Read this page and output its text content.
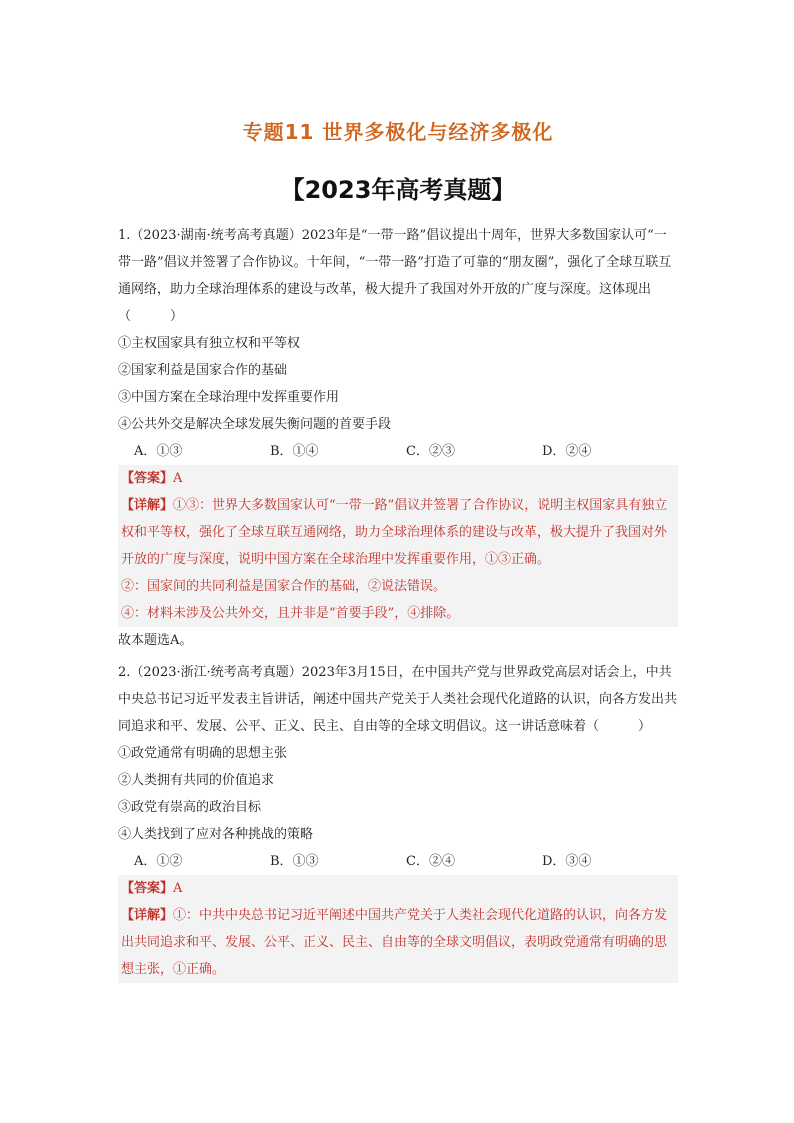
专题11 世界多极化与经济多极化
【2023年高考真题】
1.（2023·湖南·统考高考真题）2023年是“一带一路”倡议提出十周年，世界大多数国家认可“一带一路”倡议并签署了合作协议。十年间，“一带一路”打造了可靠的“朋友圈”，强化了全球互联互通网络，助力全球治理体系的建设与改革，极大提升了我国对外开放的广度与深度。这体现出（　　　）
①主权国家具有独立权和平等权
②国家利益是国家合作的基础
③中国方案在全球治理中发挥重要作用
④公共外交是解决全球发展失衡问题的首要手段
A．①③	B．①④	C．②③	D．②④
【答案】A
【详解】①③：世界大多数国家认可“一带一路”倡议并签署了合作协议，说明主权国家具有独立权和平等权，强化了全球互联互通网络，助力全球治理体系的建设与改革，极大提升了我国对外开放的广度与深度，说明中国方案在全球治理中发挥重要作用，①③正确。
②：国家间的共同利益是国家合作的基础，②说法错误。
④：材料未涉及公共外交，且并非是“首要手段”，④排除。
故本题选A。
2.（2023·浙江·统考高考真题）2023年3月15日，在中国共产党与世界政党高层对话会上，中共中央总书记习近平发表主旨讲话，阐述中国共产党关于人类社会现代化道路的认识，向各方发出共同追求和平、发展、公平、正义、民主、自由等的全球文明倡议。这一讲话意味着（　　　）
①政党通常有明确的思想主张
②人类拥有共同的价值追求
③政党有崇高的政治目标
④人类找到了应对各种挑战的策略
A．①②	B．①③	C．②④	D．③④
【答案】A
【详解】①：中共中央总书记习近平阐述中国共产党关于人类社会现代化道路的认识，向各方发出共同追求和平、发展、公平、正义、民主、自由等的全球文明倡议，表明政党通常有明确的思想主张，①正确。
